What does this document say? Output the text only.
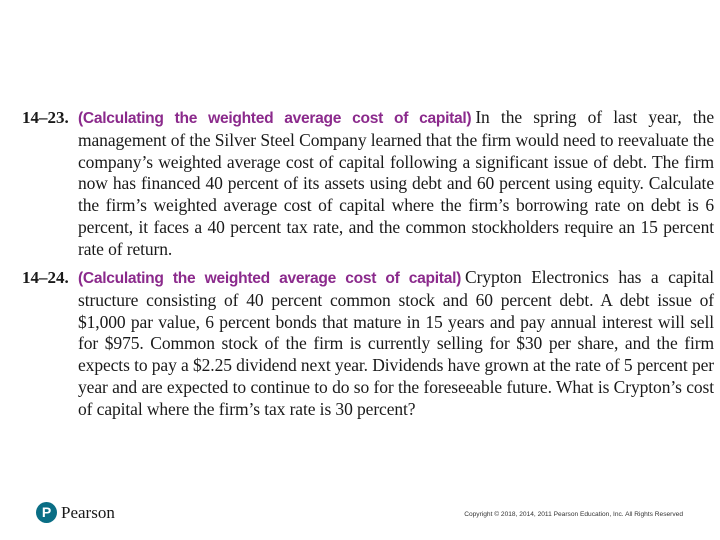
14–23. (Calculating the weighted average cost of capital) In the spring of last year, the management of the Silver Steel Company learned that the firm would need to reevaluate the company’s weighted average cost of capital following a significant issue of debt. The firm now has financed 40 percent of its assets using debt and 60 percent using equity. Calculate the firm’s weighted average cost of capital where the firm’s borrowing rate on debt is 6 percent, it faces a 40 percent tax rate, and the common stockholders require an 15 percent rate of return.
14–24. (Calculating the weighted average cost of capital) Crypton Electronics has a capital structure consisting of 40 percent common stock and 60 percent debt. A debt issue of $1,000 par value, 6 percent bonds that mature in 15 years and pay annual interest will sell for $975. Common stock of the firm is currently selling for $30 per share, and the firm expects to pay a $2.25 dividend next year. Dividends have grown at the rate of 5 percent per year and are expected to continue to do so for the foreseeable future. What is Crypton’s cost of capital where the firm’s tax rate is 30 percent?
P Pearson	Copyright © 2018, 2014, 2011 Pearson Education, Inc. All Rights Reserved
